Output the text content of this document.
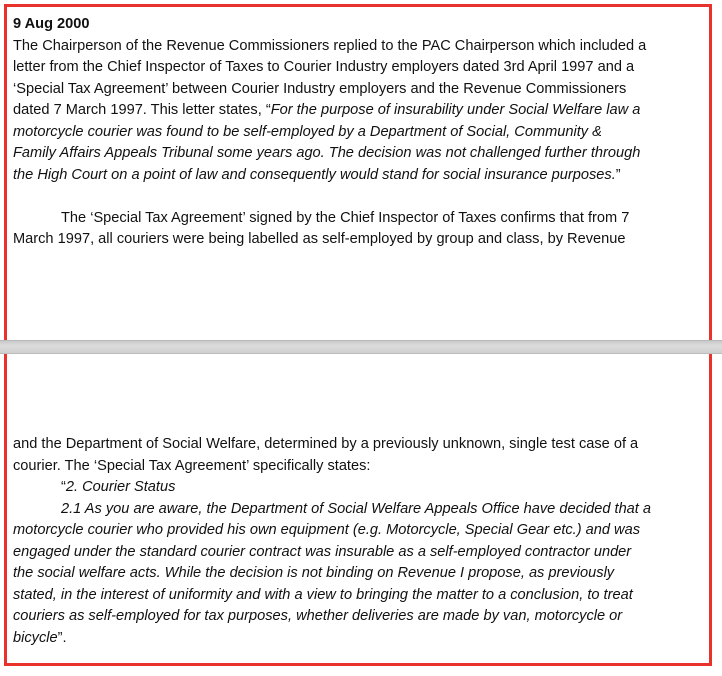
9 Aug 2000

The Chairperson of the Revenue Commissioners replied to the PAC Chairperson which included a
letter from the Chief Inspector of Taxes to Courier Industry employers dated 3rd April 1997 and a
‘Special Tax Agreement’ between Courier Industry employers and the Revenue Commissioners
dated 7 March 1997. This letter states, “For the purpose of insurability under Social Welfare law a
motorcycle courier was found to be self-employed by a Department of Social, Community &
Family Affairs Appeals Tribunal some years ago. The decision was not challenged further through
the High Court on a point of law and consequently would stand for social insurance purposes.”

The ‘Special Tax Agreement’ signed by the Chief Inspector of Taxes confirms that from 7
March 1997, all couriers were being labelled as self-employed by group and class, by Revenue

and the Department of Social Welfare, determined by a previously unknown, single test case of a
courier. The ‘Special Tax Agreement’ specifically states:
“2. Courier Status
2.1 As you are aware, the Department of Social Welfare Appeals Office have decided that a
motorcycle courier who provided his own equipment (e.g. Motorcycle, Special Gear etc.) and was
engaged under the standard courier contract was insurable as a self-employed contractor under
the social welfare acts. While the decision is not binding on Revenue I propose, as previously
stated, in the interest of uniformity and with a view to bringing the matter to a conclusion, to treat
couriers as self-employed for tax purposes, whether deliveries are made by van, motorcycle or
bicycle”.
